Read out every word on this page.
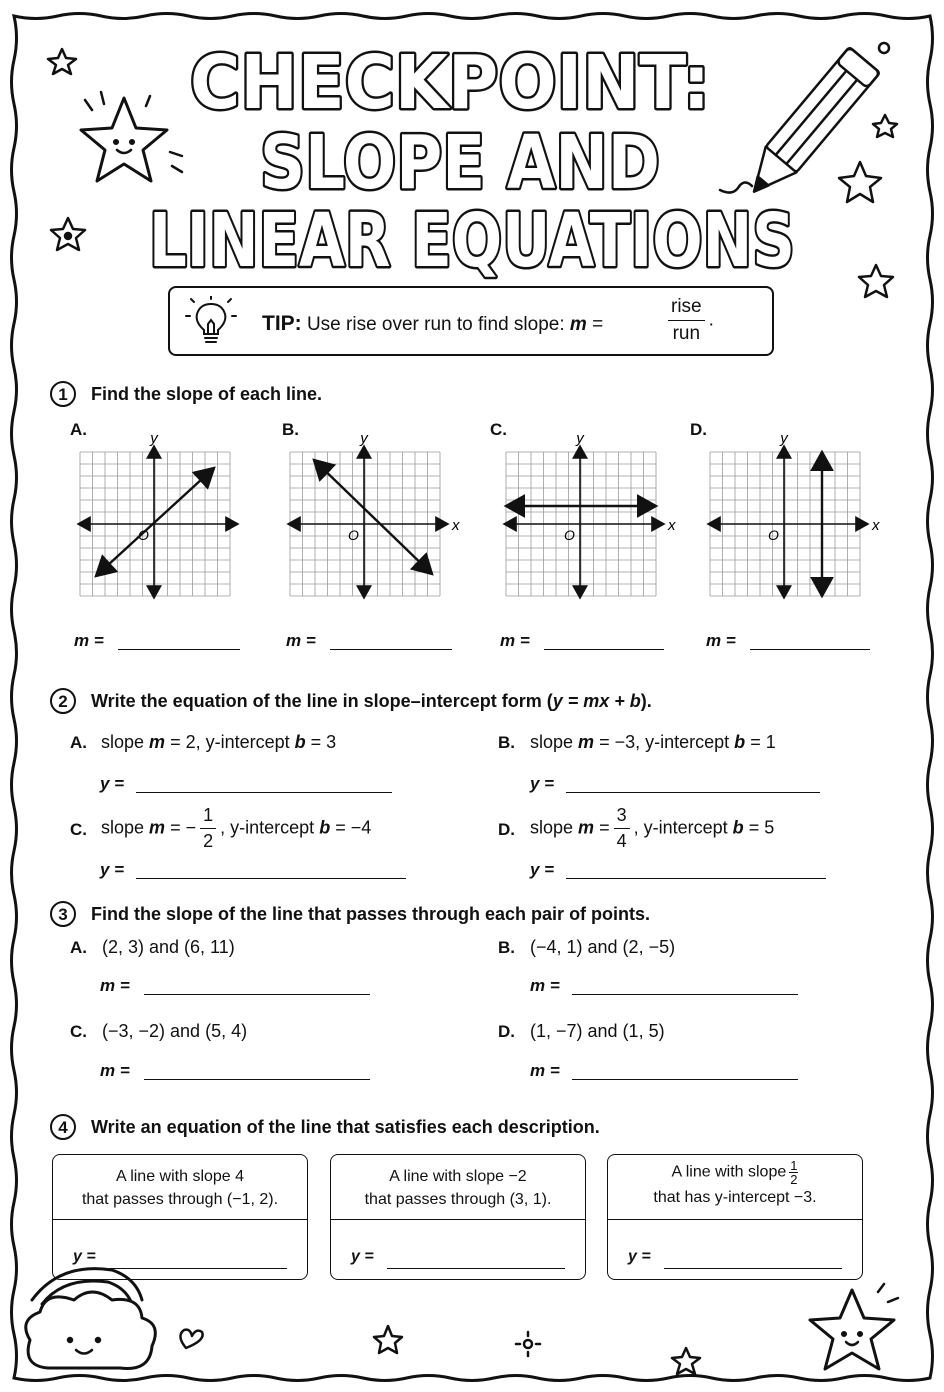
CHECKPOINT:
SLOPE AND
LINEAR EQUATIONS
TIP: Use rise over run to find slope: m =	$\frac{\text{rise}}{\text{run}}$ .
1	Find the slope of each line.
A.	B.	C.	D.
y
O
y
x
O
y
x
O
y
x
O
m =	m =	m =	m =
2	Write the equation of the line in slope–intercept form (y = mx + b).
A. slope m = 2, y-intercept b = 3
y =
B. slope m = −3, y-intercept b = 1
y =
C. slope m = − $\frac{1}{2}$ , y-intercept b = −4
y =
D. slope $m = \frac{3}{4}$ , y-intercept b = 5
y =
3	Find the slope of the line that passes through each pair of points.
A. (2, 3) and (6, 11)
m =
B. (−4, 1) and (2, −5)
m =
C. (−3, −2) and (5, 4)
m =
D. (1, −7) and (1, 5)
m =
4	Write an equation of the line that satisfies each description.
A line with slope 4
that passes through (−1, 2).
y =
A line with slope −2
that passes through (3, 1).
y =
A line with slope $\frac{1}{2}$

that has y-intercept −3.
y =
